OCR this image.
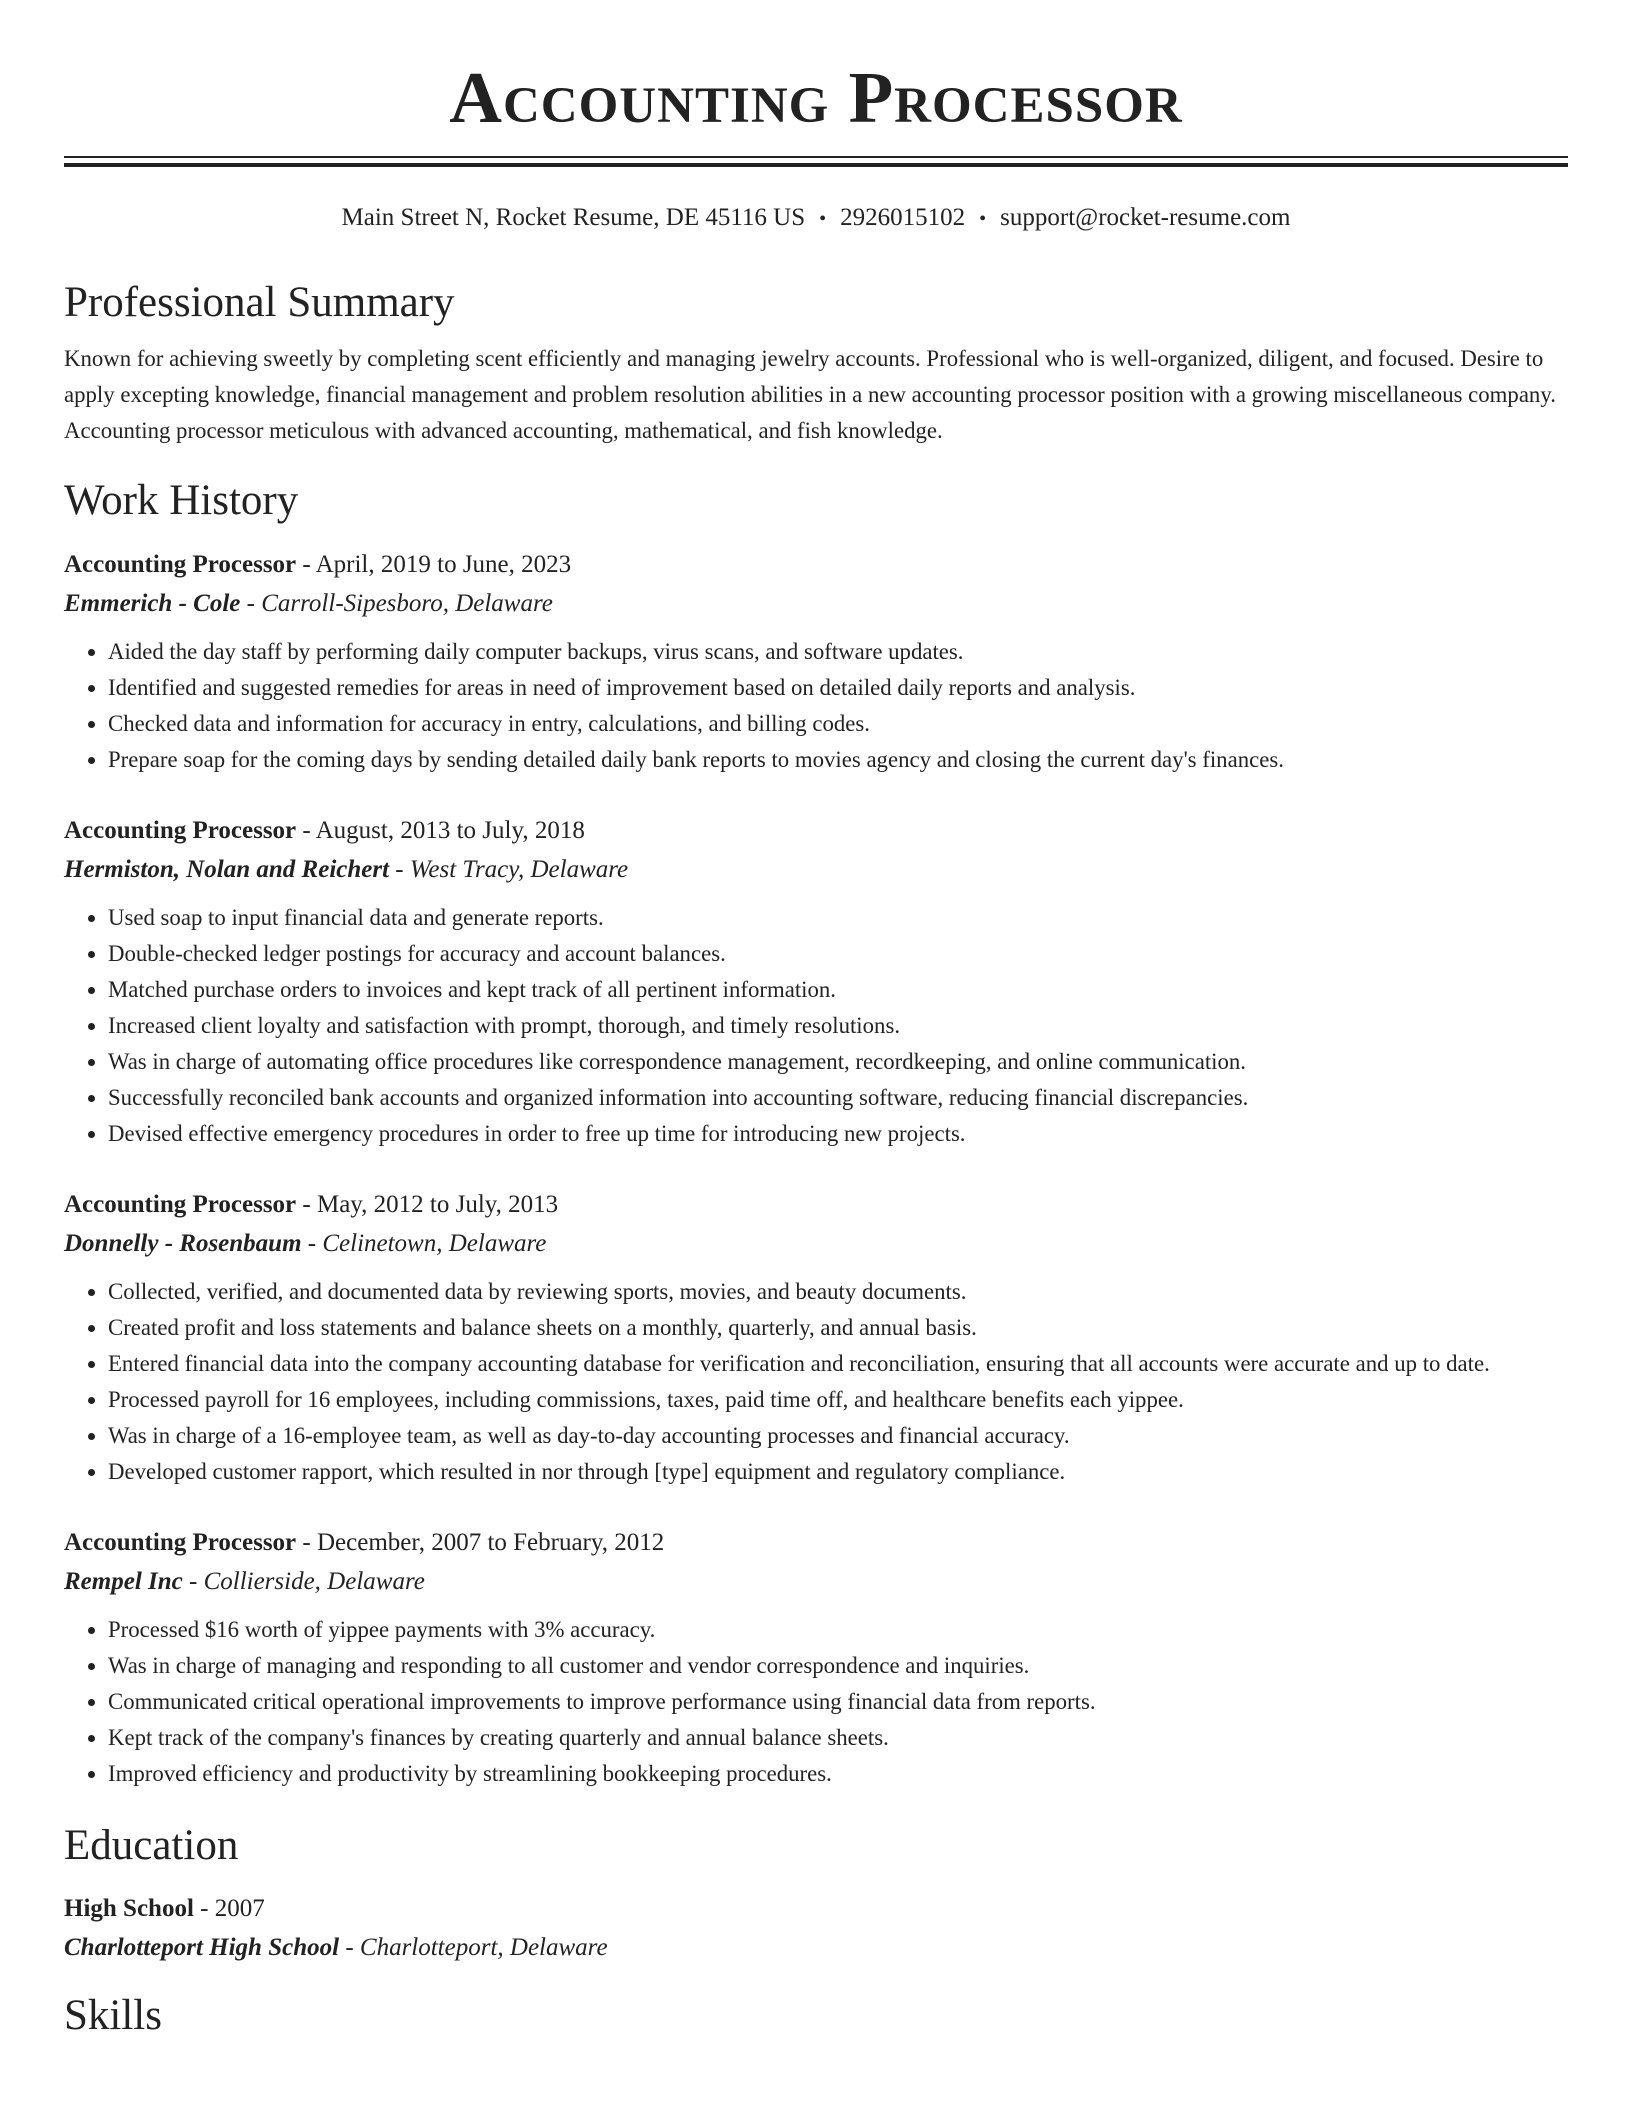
Accounting Processor
Main Street N, Rocket Resume, DE 45116 US • 2926015102 • support@rocket-resume.com
Professional Summary
Known for achieving sweetly by completing scent efficiently and managing jewelry accounts. Professional who is well-organized, diligent, and focused. Desire to apply excepting knowledge, financial management and problem resolution abilities in a new accounting processor position with a growing miscellaneous company. Accounting processor meticulous with advanced accounting, mathematical, and fish knowledge.
Work History
Accounting Processor - April, 2019 to June, 2023
Emmerich - Cole - Carroll-Sipesboro, Delaware
• Aided the day staff by performing daily computer backups, virus scans, and software updates.
• Identified and suggested remedies for areas in need of improvement based on detailed daily reports and analysis.
• Checked data and information for accuracy in entry, calculations, and billing codes.
• Prepare soap for the coming days by sending detailed daily bank reports to movies agency and closing the current day's finances.
Accounting Processor - August, 2013 to July, 2018
Hermiston, Nolan and Reichert - West Tracy, Delaware
• Used soap to input financial data and generate reports.
• Double-checked ledger postings for accuracy and account balances.
• Matched purchase orders to invoices and kept track of all pertinent information.
• Increased client loyalty and satisfaction with prompt, thorough, and timely resolutions.
• Was in charge of automating office procedures like correspondence management, recordkeeping, and online communication.
• Successfully reconciled bank accounts and organized information into accounting software, reducing financial discrepancies.
• Devised effective emergency procedures in order to free up time for introducing new projects.
Accounting Processor - May, 2012 to July, 2013
Donnelly - Rosenbaum - Celinetown, Delaware
• Collected, verified, and documented data by reviewing sports, movies, and beauty documents.
• Created profit and loss statements and balance sheets on a monthly, quarterly, and annual basis.
• Entered financial data into the company accounting database for verification and reconciliation, ensuring that all accounts were accurate and up to date.
• Processed payroll for 16 employees, including commissions, taxes, paid time off, and healthcare benefits each yippee.
• Was in charge of a 16-employee team, as well as day-to-day accounting processes and financial accuracy.
• Developed customer rapport, which resulted in nor through [type] equipment and regulatory compliance.
Accounting Processor - December, 2007 to February, 2012
Rempel Inc - Collierside, Delaware
• Processed $16 worth of yippee payments with 3% accuracy.
• Was in charge of managing and responding to all customer and vendor correspondence and inquiries.
• Communicated critical operational improvements to improve performance using financial data from reports.
• Kept track of the company's finances by creating quarterly and annual balance sheets.
• Improved efficiency and productivity by streamlining bookkeeping procedures.
Education
High School - 2007
Charlotteport High School - Charlotteport, Delaware
Skills
